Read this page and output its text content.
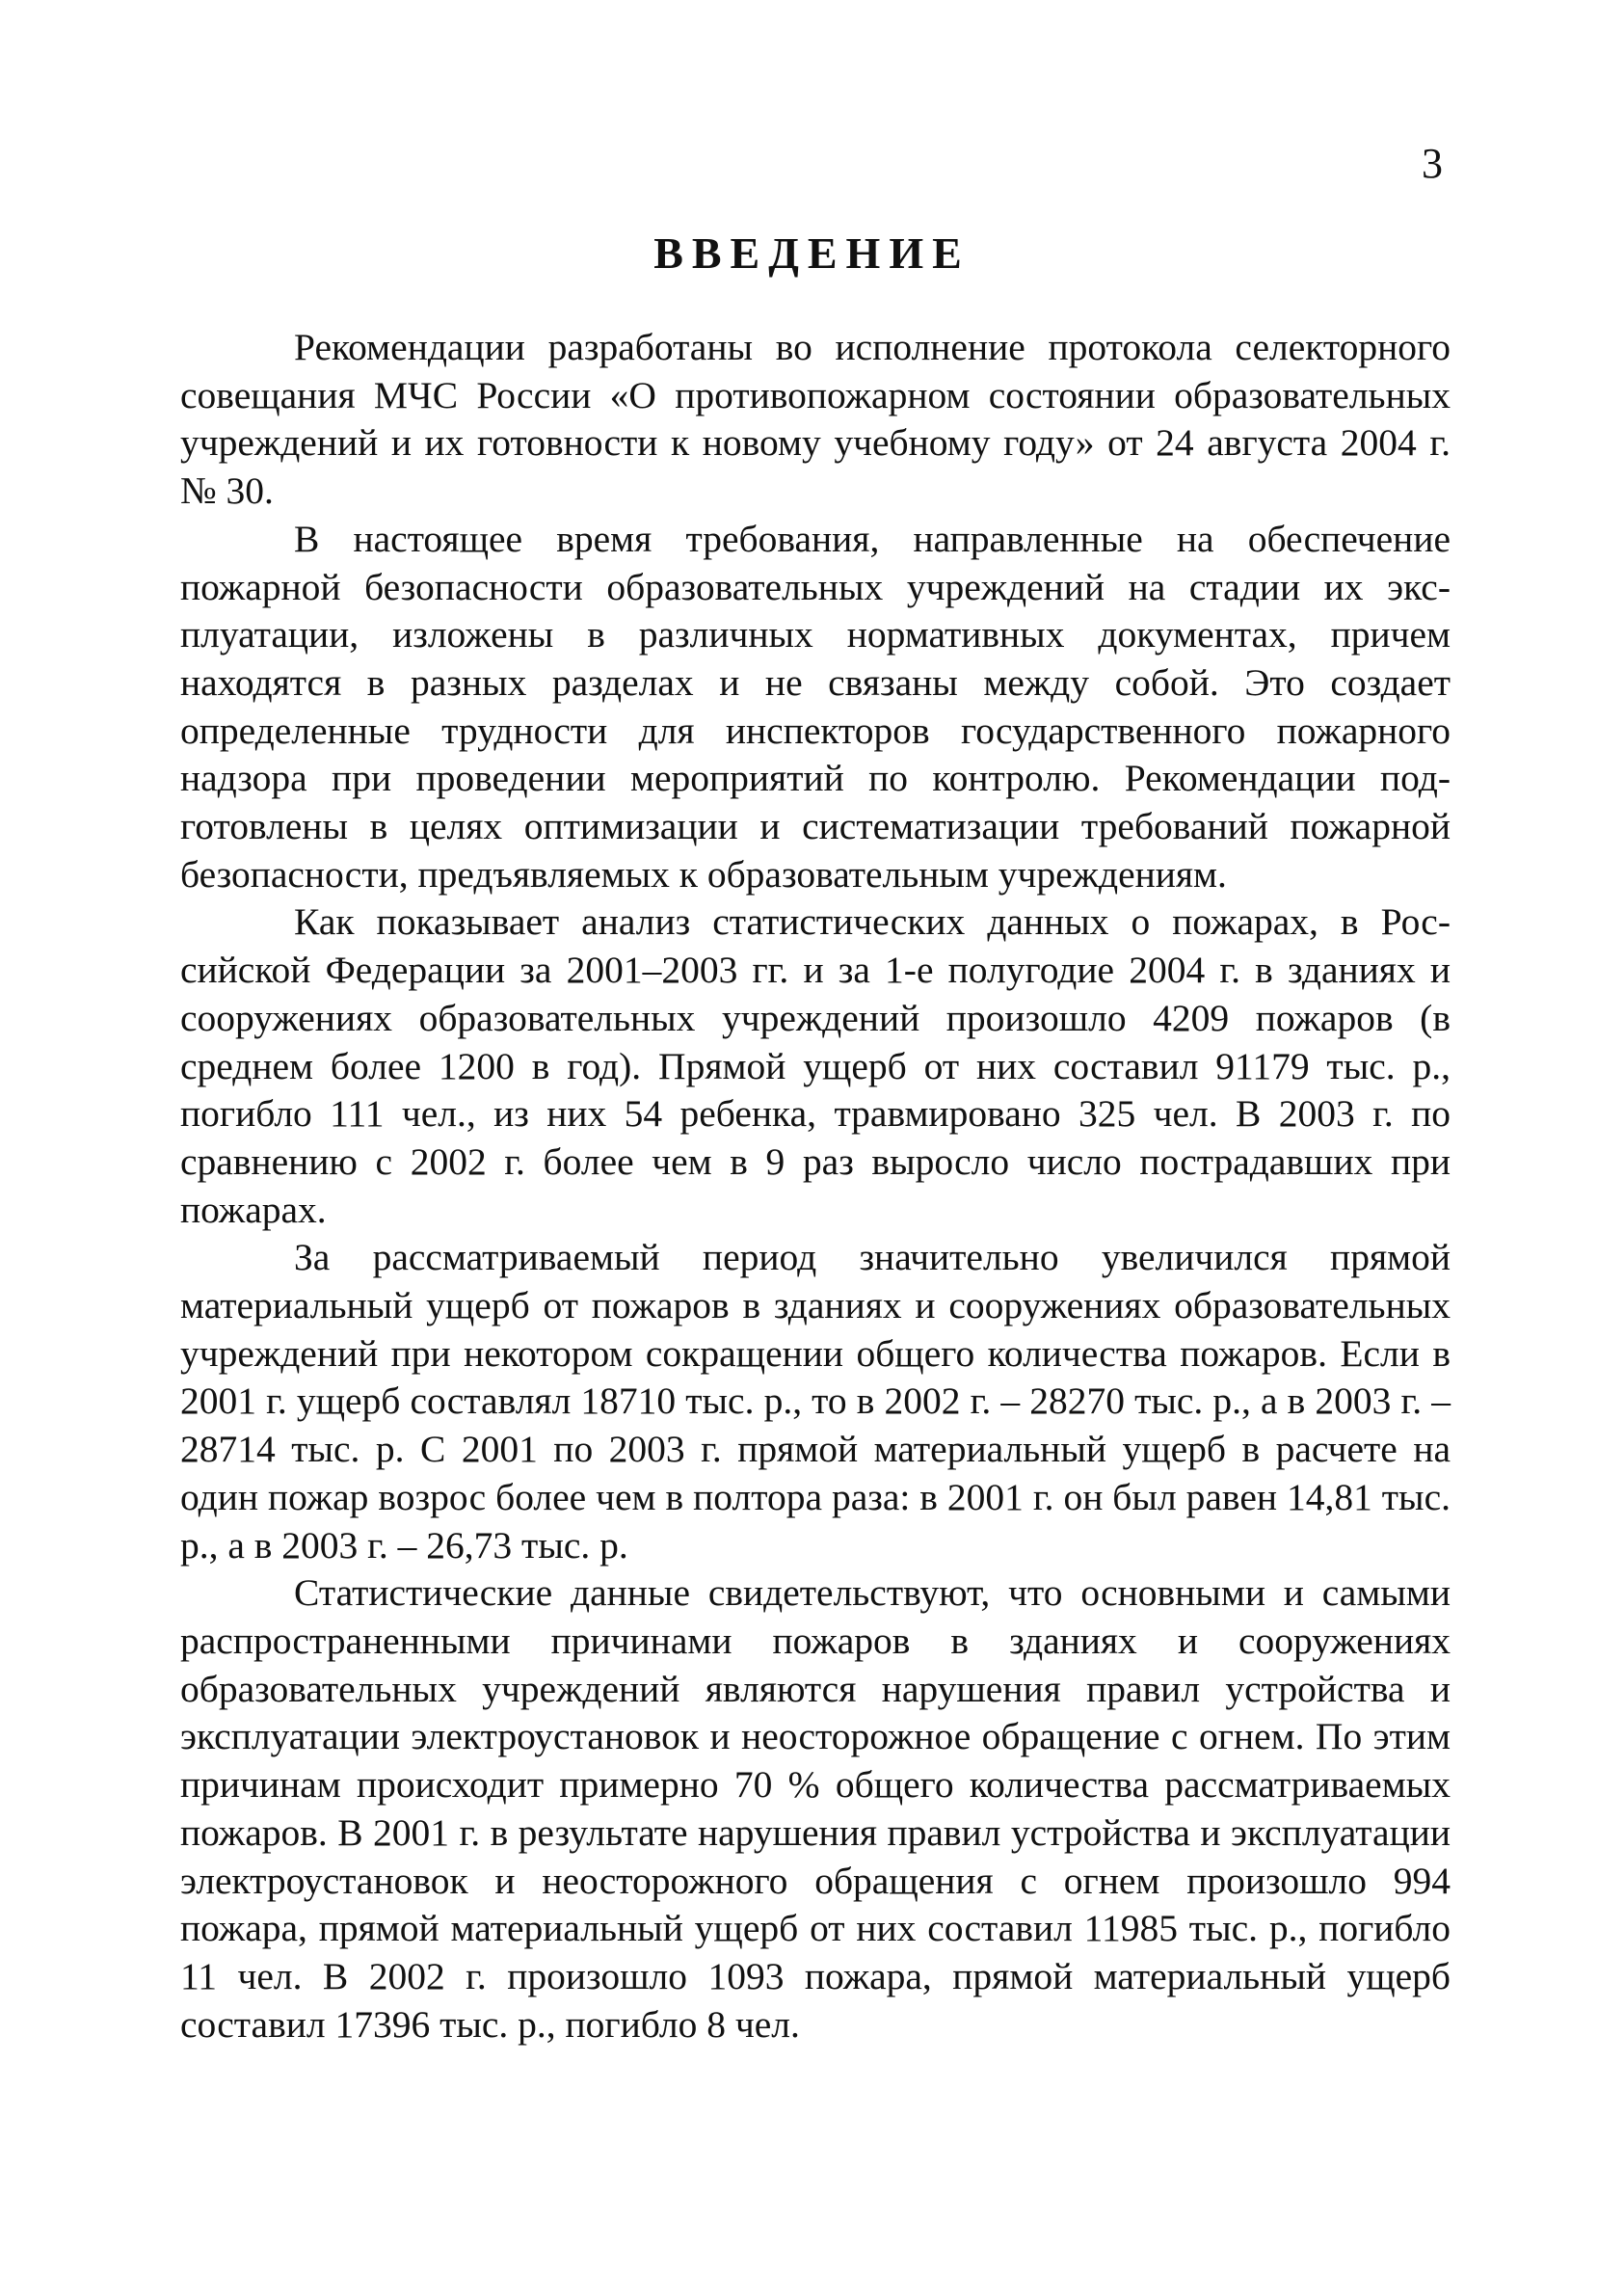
3
ВВЕДЕНИЕ

Рекомендации разработаны во исполнение протокола селекторного совещания МЧС России «О противопожарном состоянии образовательных учреждений и их готовности к новому учебному году» от 24 августа 2004 г. № 30.

В настоящее время требования, направленные на обеспечение пожарной безопасности образовательных учреждений на стадии их эксплуатации, изложены в различных нормативных документах, причем находятся в разных разделах и не связаны между собой. Это создает определенные трудности для инспекторов государственного пожарного надзора при проведении мероприятий по контролю. Рекомендации подготовлены в целях оптимизации и систематизации требований пожарной безопасности, предъявляемых к образовательным учреждениям.

Как показывает анализ статистических данных о пожарах, в Российской Федерации за 2001–2003 гг. и за 1-е полугодие 2004 г. в зданиях и сооружениях образовательных учреждений произошло 4209 пожаров (в среднем более 1200 в год). Прямой ущерб от них составил 91179 тыс. р., погибло 111 чел., из них 54 ребенка, травмировано 325 чел. В 2003 г. по сравнению с 2002 г. более чем в 9 раз выросло число пострадавших при пожарах.

За рассматриваемый период значительно увеличился прямой материальный ущерб от пожаров в зданиях и сооружениях образовательных учреждений при некотором сокращении общего количества пожаров. Если в 2001 г. ущерб составлял 18710 тыс. р., то в 2002 г. – 28270 тыс. р., а в 2003 г. – 28714 тыс. р. С 2001 по 2003 г. прямой материальный ущерб в расчете на один пожар возрос более чем в полтора раза: в 2001 г. он был равен 14,81 тыс. р., а в 2003 г. – 26,73 тыс. р.

Статистические данные свидетельствуют, что основными и самыми распространенными причинами пожаров в зданиях и сооружениях образовательных учреждений являются нарушения правил устройства и эксплуатации электроустановок и неосторожное обращение с огнем. По этим причинам происходит примерно 70 % общего количества рассматриваемых пожаров. В 2001 г. в результате нарушения правил устройства и эксплуатации электроустановок и неосторожного обращения с огнем произошло 994 пожара, прямой материальный ущерб от них составил 11985 тыс. р., погибло 11 чел. В 2002 г. произошло 1093 пожара, прямой материальный ущерб составил 17396 тыс. р., погибло 8 чел.
